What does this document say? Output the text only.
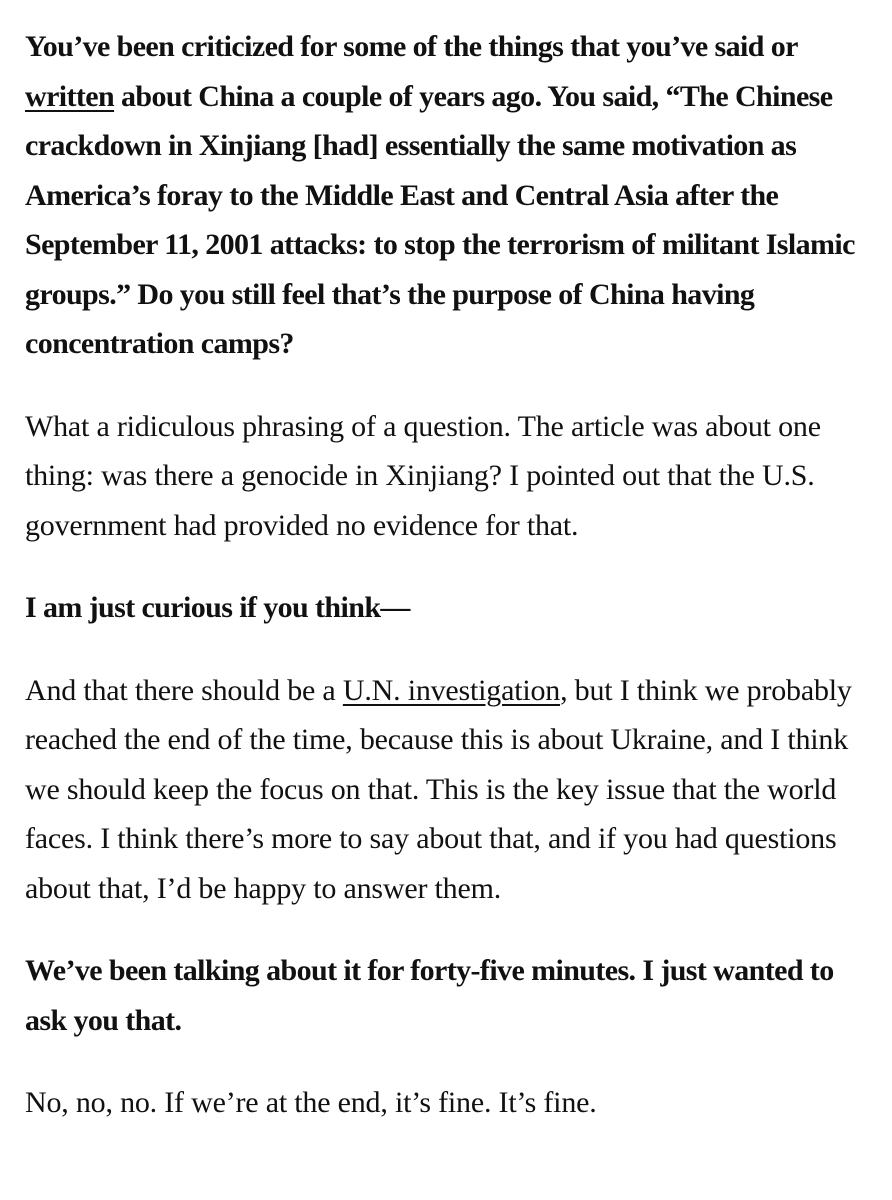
You’ve been criticized for some of the things that you’ve said or written about China a couple of years ago. You said, “The Chinese crackdown in Xinjiang [had] essentially the same motivation as America’s foray to the Middle East and Central Asia after the September 11, 2001 attacks: to stop the terrorism of militant Islamic groups.” Do you still feel that’s the purpose of China having concentration camps?

What a ridiculous phrasing of a question. The article was about one thing: was there a genocide in Xinjiang? I pointed out that the U.S. government had provided no evidence for that.

I am just curious if you think—

And that there should be a U.N. investigation, but I think we probably reached the end of the time, because this is about Ukraine, and I think we should keep the focus on that. This is the key issue that the world faces. I think there’s more to say about that, and if you had questions about that, I’d be happy to answer them.

We’ve been talking about it for forty-five minutes. I just wanted to ask you that.

No, no, no. If we’re at the end, it’s fine. It’s fine.
